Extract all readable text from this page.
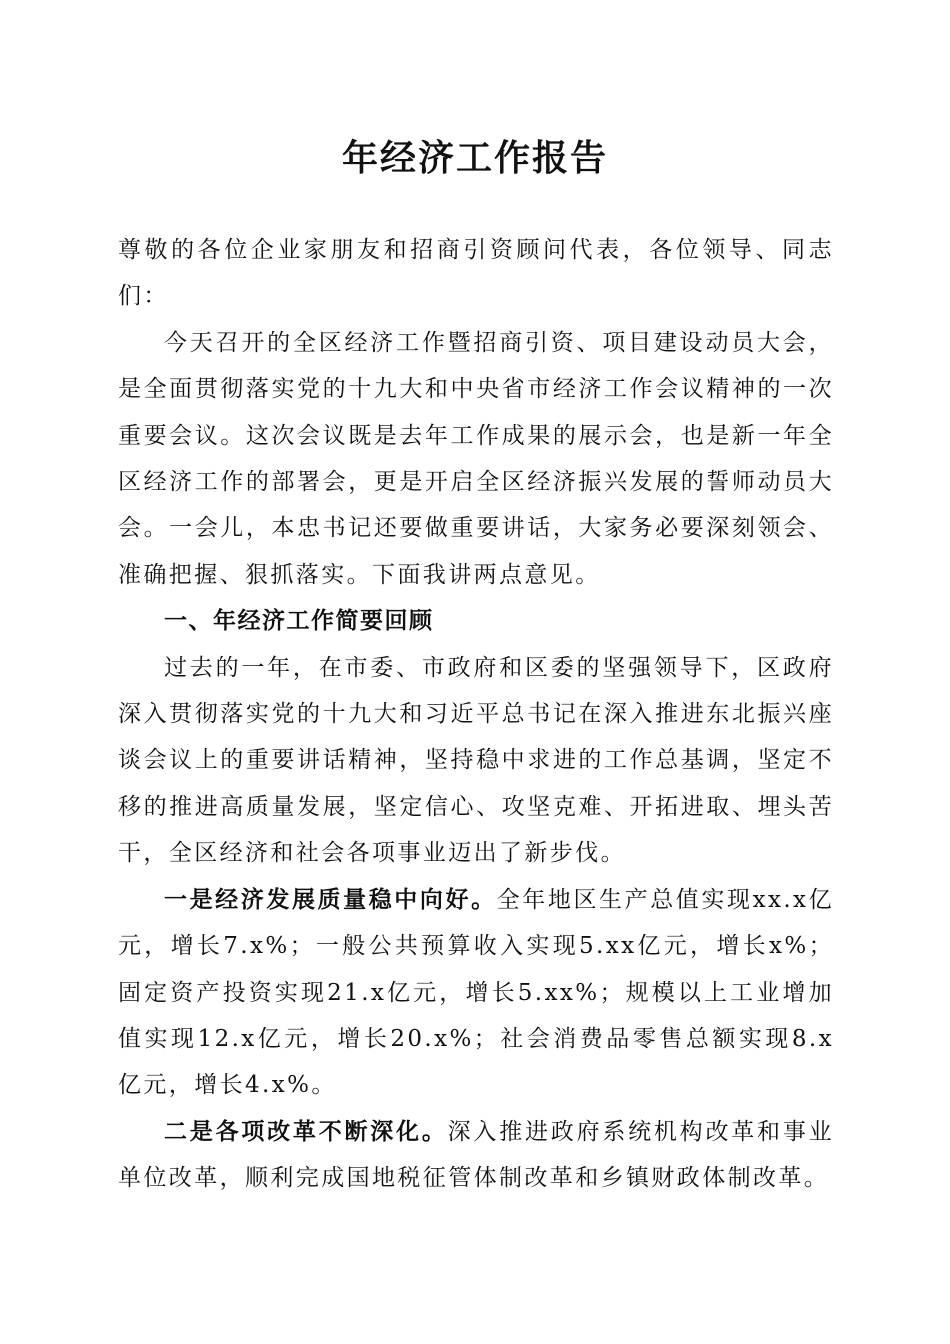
年经济工作报告

尊敬的各位企业家朋友和招商引资顾问代表，各位领导、同志们：

今天召开的全区经济工作暨招商引资、项目建设动员大会，是全面贯彻落实党的十九大和中央省市经济工作会议精神的一次重要会议。这次会议既是去年工作成果的展示会，也是新一年全区经济工作的部署会，更是开启全区经济振兴发展的誓师动员大会。一会儿，本忠书记还要做重要讲话，大家务必要深刻领会、准确把握、狠抓落实。下面我讲两点意见。

一、年经济工作简要回顾

过去的一年，在市委、市政府和区委的坚强领导下，区政府深入贯彻落实党的十九大和习近平总书记在深入推进东北振兴座谈会议上的重要讲话精神，坚持稳中求进的工作总基调，坚定不移的推进高质量发展，坚定信心、攻坚克难、开拓进取、埋头苦干，全区经济和社会各项事业迈出了新步伐。

一是经济发展质量稳中向好。全年地区生产总值实现xx.x亿元，增长7.x%；一般公共预算收入实现5.xx亿元，增长x%；固定资产投资实现21.x亿元，增长5.xx%；规模以上工业增加值实现12.x亿元，增长20.x%；社会消费品零售总额实现8.x亿元，增长4.x%。

二是各项改革不断深化。深入推进政府系统机构改革和事业单位改革，顺利完成国地税征管体制改革和乡镇财政体制改革。
